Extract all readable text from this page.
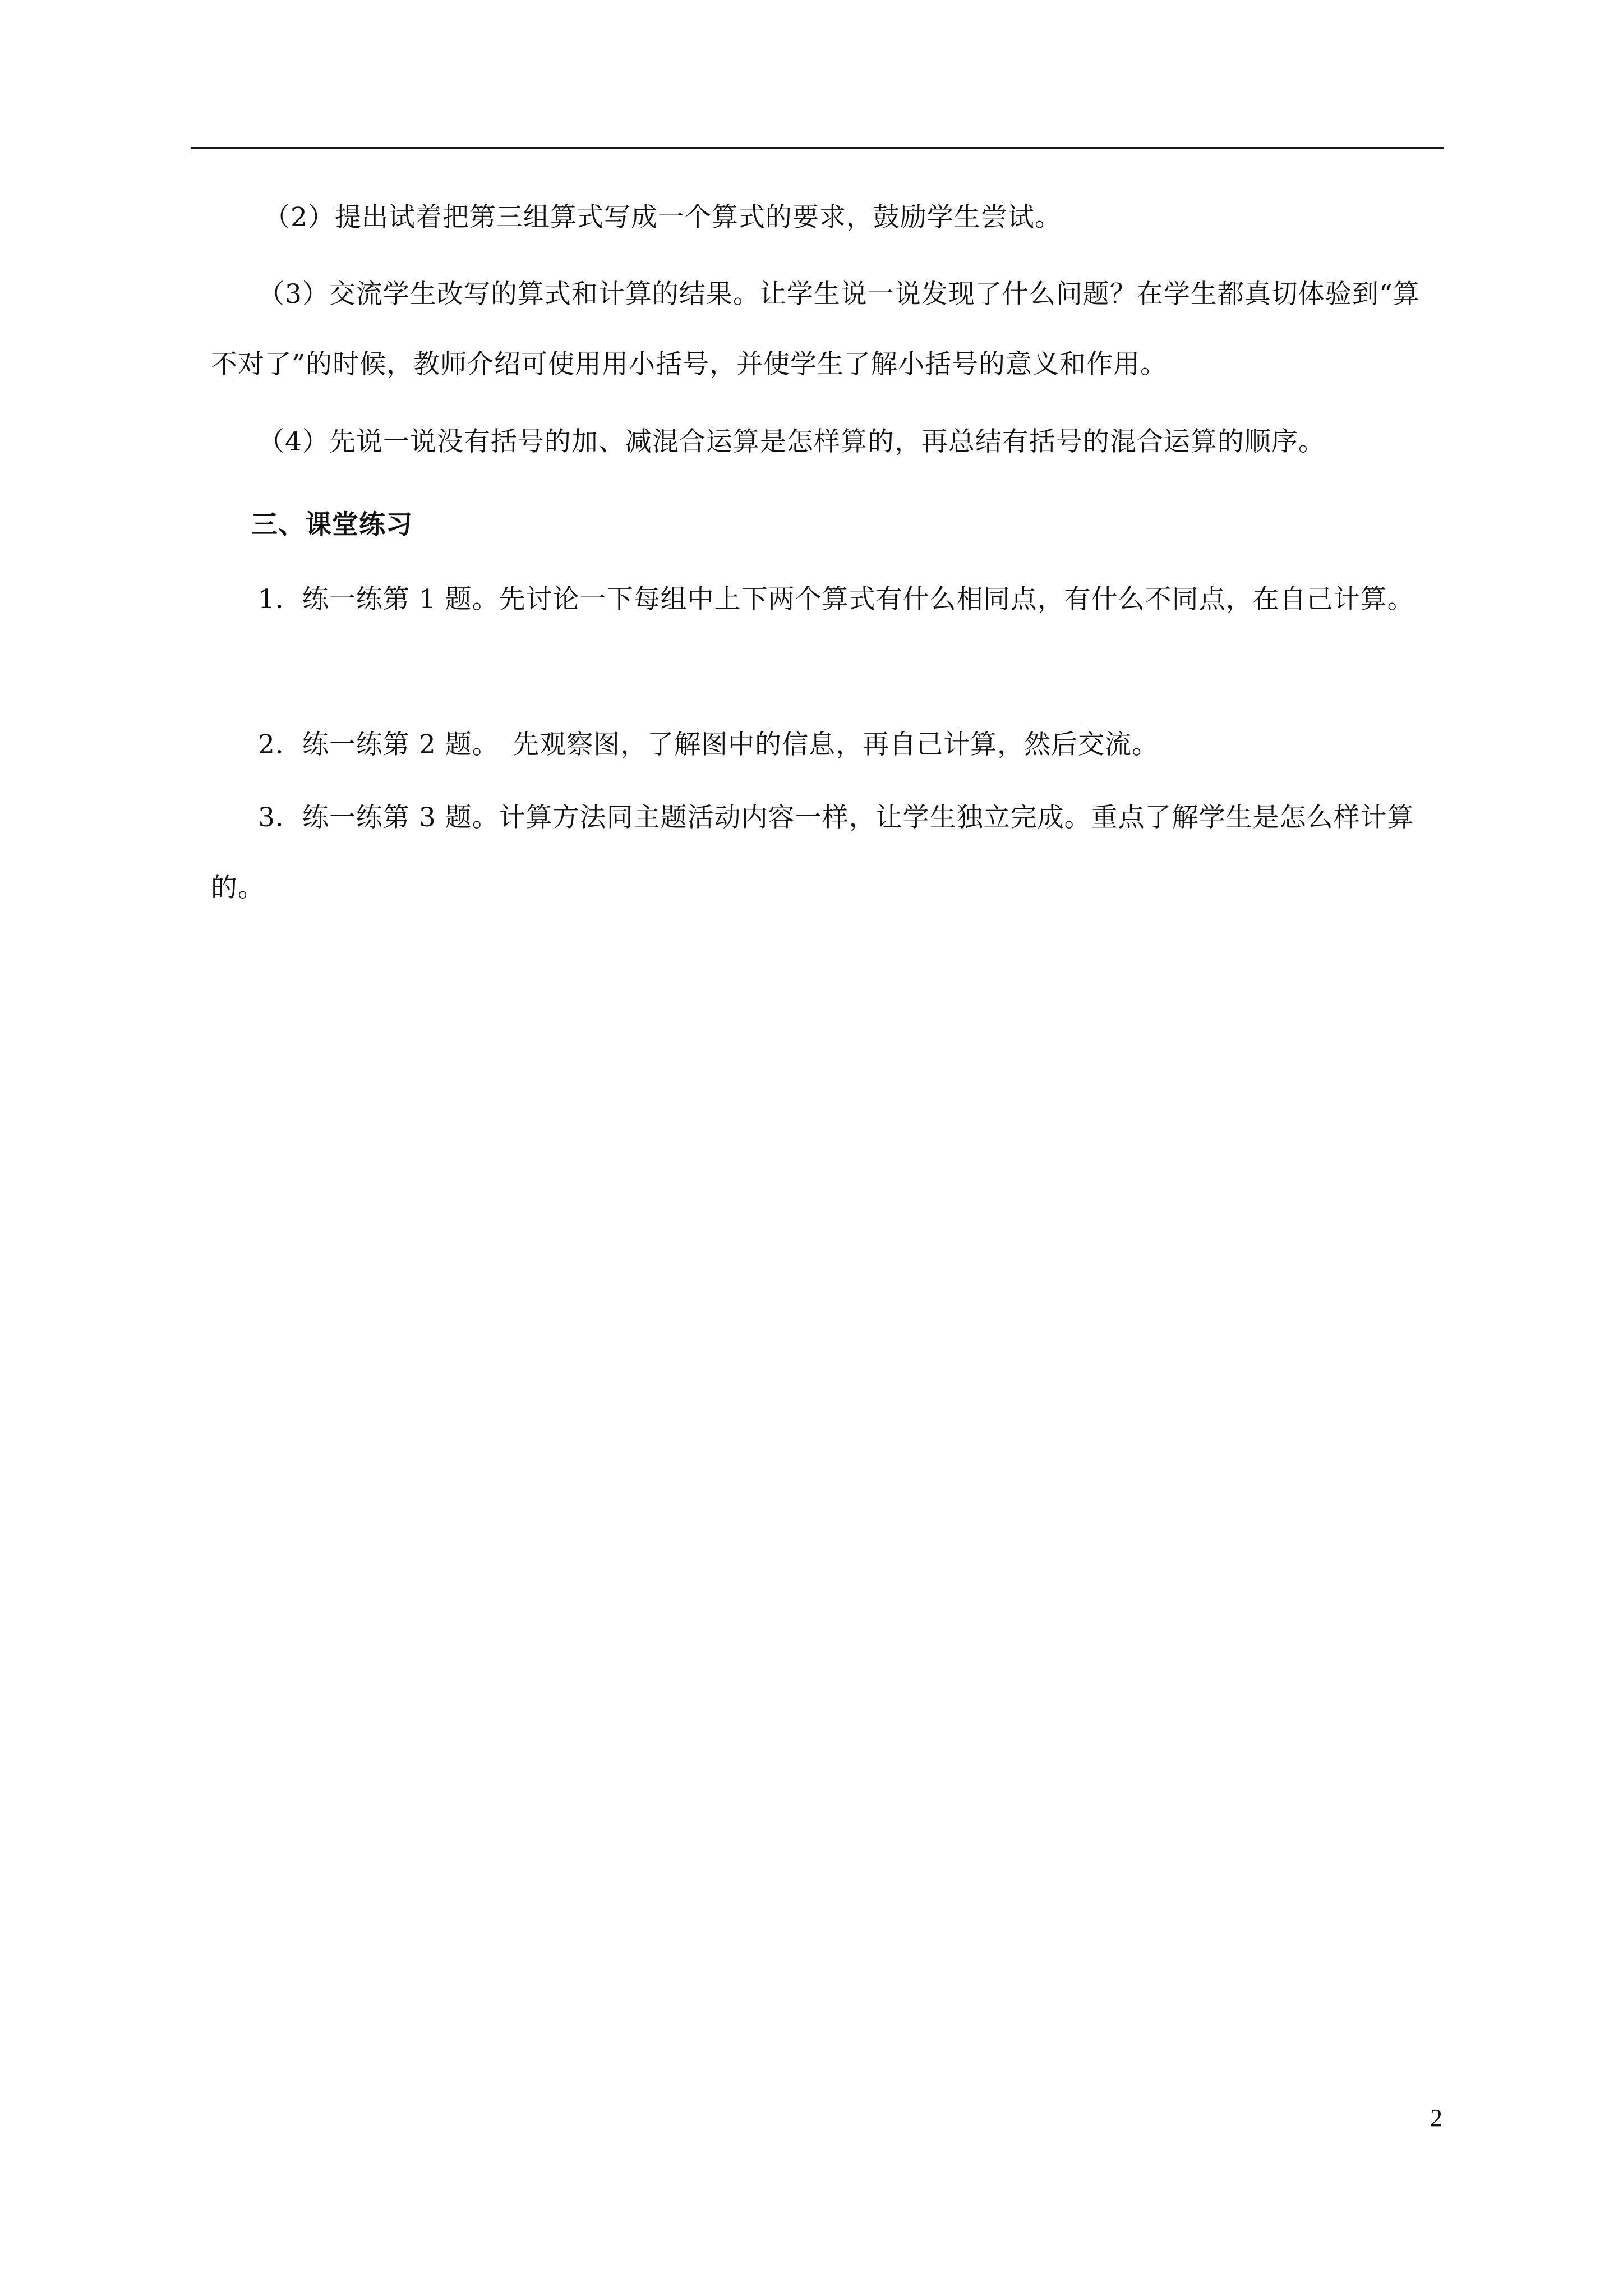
（2）提出试着把第三组算式写成一个算式的要求，鼓励学生尝试。
（3）交流学生改写的算式和计算的结果。让学生说一说发现了什么问题？在学生都真切体验到“算不对了”的时候，教师介绍可使用用小括号，并使学生了解小括号的意义和作用。
（4）先说一说没有括号的加、减混合运算是怎样算的，再总结有括号的混合运算的顺序。
三、课堂练习
1．练一练第 1 题。先讨论一下每组中上下两个算式有什么相同点，有什么不同点，在自己计算。
2．练一练第 2 题。　先观察图，了解图中的信息，再自己计算，然后交流。
3．练一练第 3 题。计算方法同主题活动内容一样，让学生独立完成。重点了解学生是怎么样计算的。
2
